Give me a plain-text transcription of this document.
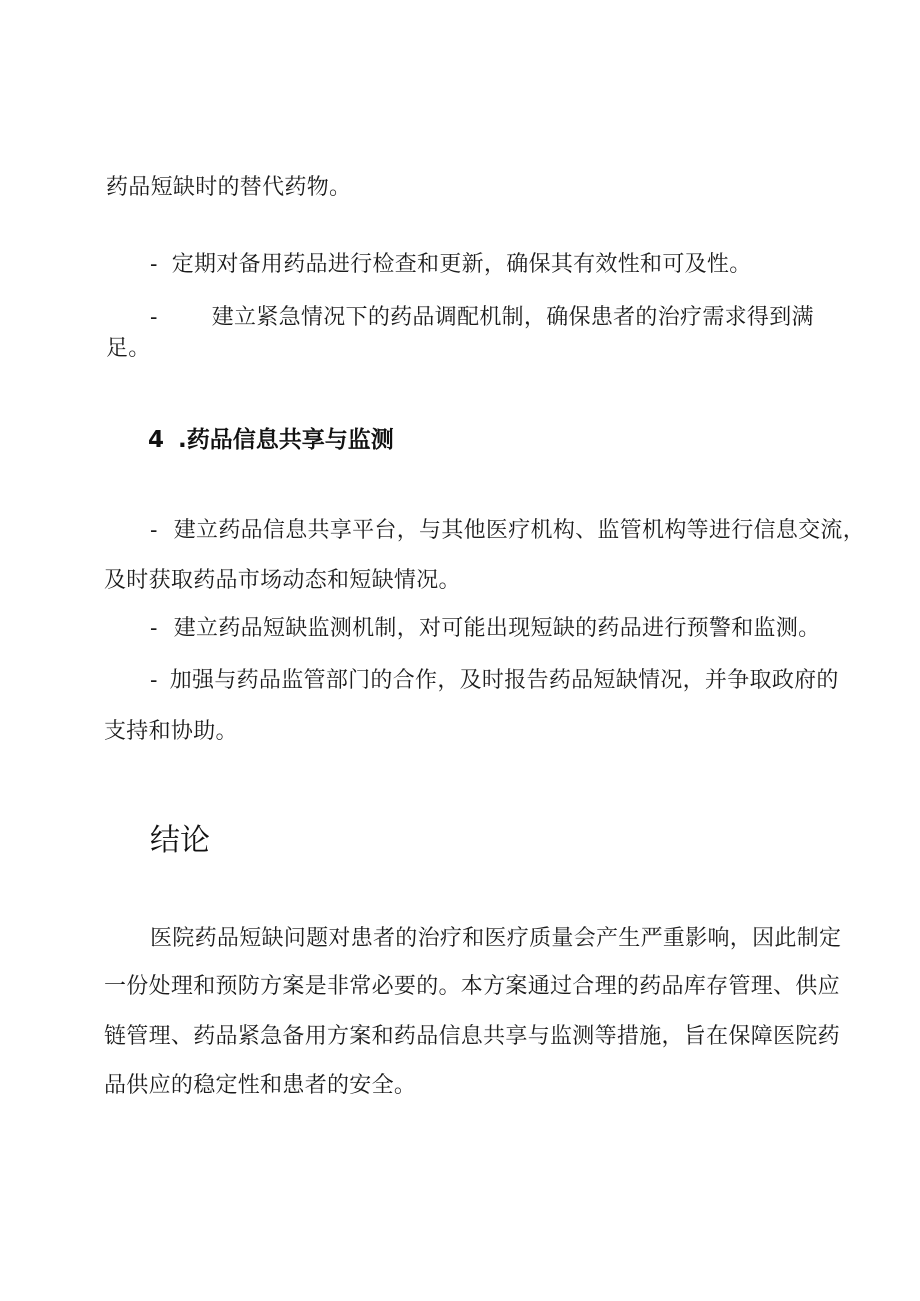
药品短缺时的替代药物。
- 定期对备用药品进行检查和更新，确保其有效性和可及性。
- 建立紧急情况下的药品调配机制，确保患者的治疗需求得到满
足。
4 .药品信息共享与监测
- 建立药品信息共享平台，与其他医疗机构、监管机构等进行信息交流，
及时获取药品市场动态和短缺情况。
- 建立药品短缺监测机制，对可能出现短缺的药品进行预警和监测。
- 加强与药品监管部门的合作，及时报告药品短缺情况，并争取政府的
支持和协助。
结论
医院药品短缺问题对患者的治疗和医疗质量会产生严重影响，因此制定
一份处理和预防方案是非常必要的。本方案通过合理的药品库存管理、供应
链管理、药品紧急备用方案和药品信息共享与监测等措施，旨在保障医院药
品供应的稳定性和患者的安全。
